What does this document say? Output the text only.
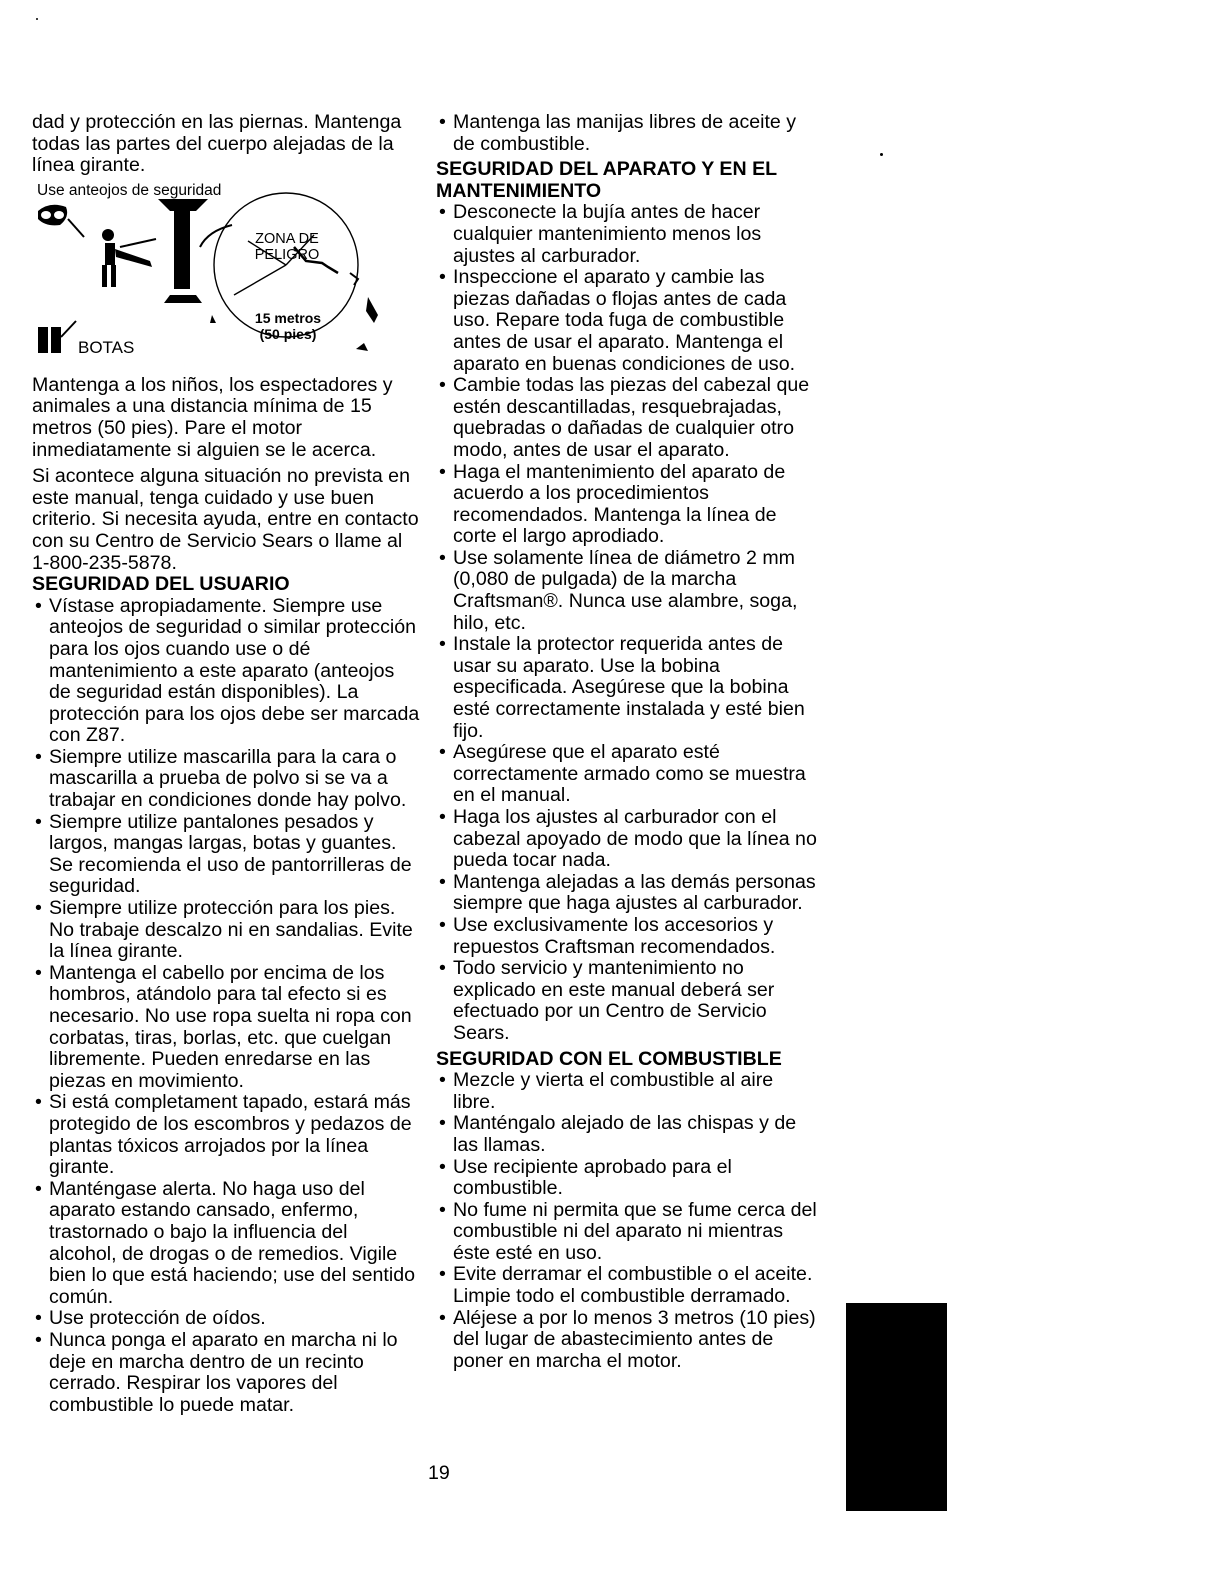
dad y protección en las piernas. Mantenga todas las partes del cuerpo alejadas de la línea girante.

Use anteojos de seguridad
ZONA DE
PELIGRO
15 metros
(50 pies)
BOTAS

Mantenga a los niños, los espectadores y animales a una distancia mínima de 15 metros (50 pies). Pare el motor inmediatamente si alguien se le acerca.

Si acontece alguna situación no prevista en este manual, tenga cuidado y use buen criterio. Si necesita ayuda, entre en contacto con su Centro de Servicio Sears o llame al 1-800-235-5878.

SEGURIDAD DEL USUARIO

• Vístase apropiadamente. Siempre use anteojos de seguridad o similar protección para los ojos cuando use o dé mantenimiento a este aparato (anteojos de seguridad están disponibles). La protección para los ojos debe ser marcada con Z87.
• Siempre utilize mascarilla para la cara o mascarilla a prueba de polvo si se va a trabajar en condiciones donde hay polvo.
• Siempre utilize pantalones pesados y largos, mangas largas, botas y guantes. Se recomienda el uso de pantorrilleras de seguridad.
• Siempre utilize protección para los pies. No trabaje descalzo ni en sandalias. Evite la línea girante.
• Mantenga el cabello por encima de los hombros, atándolo para tal efecto si es necesario. No use ropa suelta ni ropa con corbatas, tiras, borlas, etc. que cuelgan libremente. Pueden enredarse en las piezas en movimiento.
• Si está completament tapado, estará más protegido de los escombros y pedazos de plantas tóxicos arrojados por la línea girante.
• Manténgase alerta. No haga uso del aparato estando cansado, enfermo, trastornado o bajo la influencia del alcohol, de drogas o de remedios. Vigile bien lo que está haciendo; use del sentido común.
• Use protección de oídos.
• Nunca ponga el aparato en marcha ni lo deje en marcha dentro de un recinto cerrado. Respirar los vapores del combustible lo puede matar.
• Mantenga las manijas libres de aceite y de combustible.

SEGURIDAD DEL APARATO Y EN EL MANTENIMIENTO

• Desconecte la bujía antes de hacer cualquier mantenimiento menos los ajustes al carburador.
• Inspeccione el aparato y cambie las piezas dañadas o flojas antes de cada uso. Repare toda fuga de combustible antes de usar el aparato. Mantenga el aparato en buenas condiciones de uso.
• Cambie todas las piezas del cabezal que estén descantilladas, resquebrajadas, quebradas o dañadas de cualquier otro modo, antes de usar el aparato.
• Haga el mantenimiento del aparato de acuerdo a los procedimientos recomendados. Mantenga la línea de corte el largo aprodiado.
• Use solamente línea de diámetro 2 mm (0,080 de pulgada) de la marcha Craftsman®. Nunca use alambre, soga, hilo, etc.
• Instale la protector requerida antes de usar su aparato. Use la bobina especificada. Asegúrese que la bobina esté correctamente instalada y esté bien fijo.
• Asegúrese que el aparato esté correctamente armado como se muestra en el manual.
• Haga los ajustes al carburador con el cabezal apoyado de modo que la línea no pueda tocar nada.
• Mantenga alejadas a las demás personas siempre que haga ajustes al carburador.
• Use exclusivamente los accesorios y repuestos Craftsman recomendados.
• Todo servicio y mantenimiento no explicado en este manual deberá ser efectuado por un Centro de Servicio Sears.

SEGURIDAD CON EL COMBUSTIBLE

• Mezcle y vierta el combustible al aire libre.
• Manténgalo alejado de las chispas y de las llamas.
• Use recipiente aprobado para el combustible.
• No fume ni permita que se fume cerca del combustible ni del aparato ni mientras éste esté en uso.
• Evite derramar el combustible o el aceite. Limpie todo el combustible derramado.
• Aléjese a por lo menos 3 metros (10 pies) del lugar de abastecimiento antes de poner en marcha el motor.
19
